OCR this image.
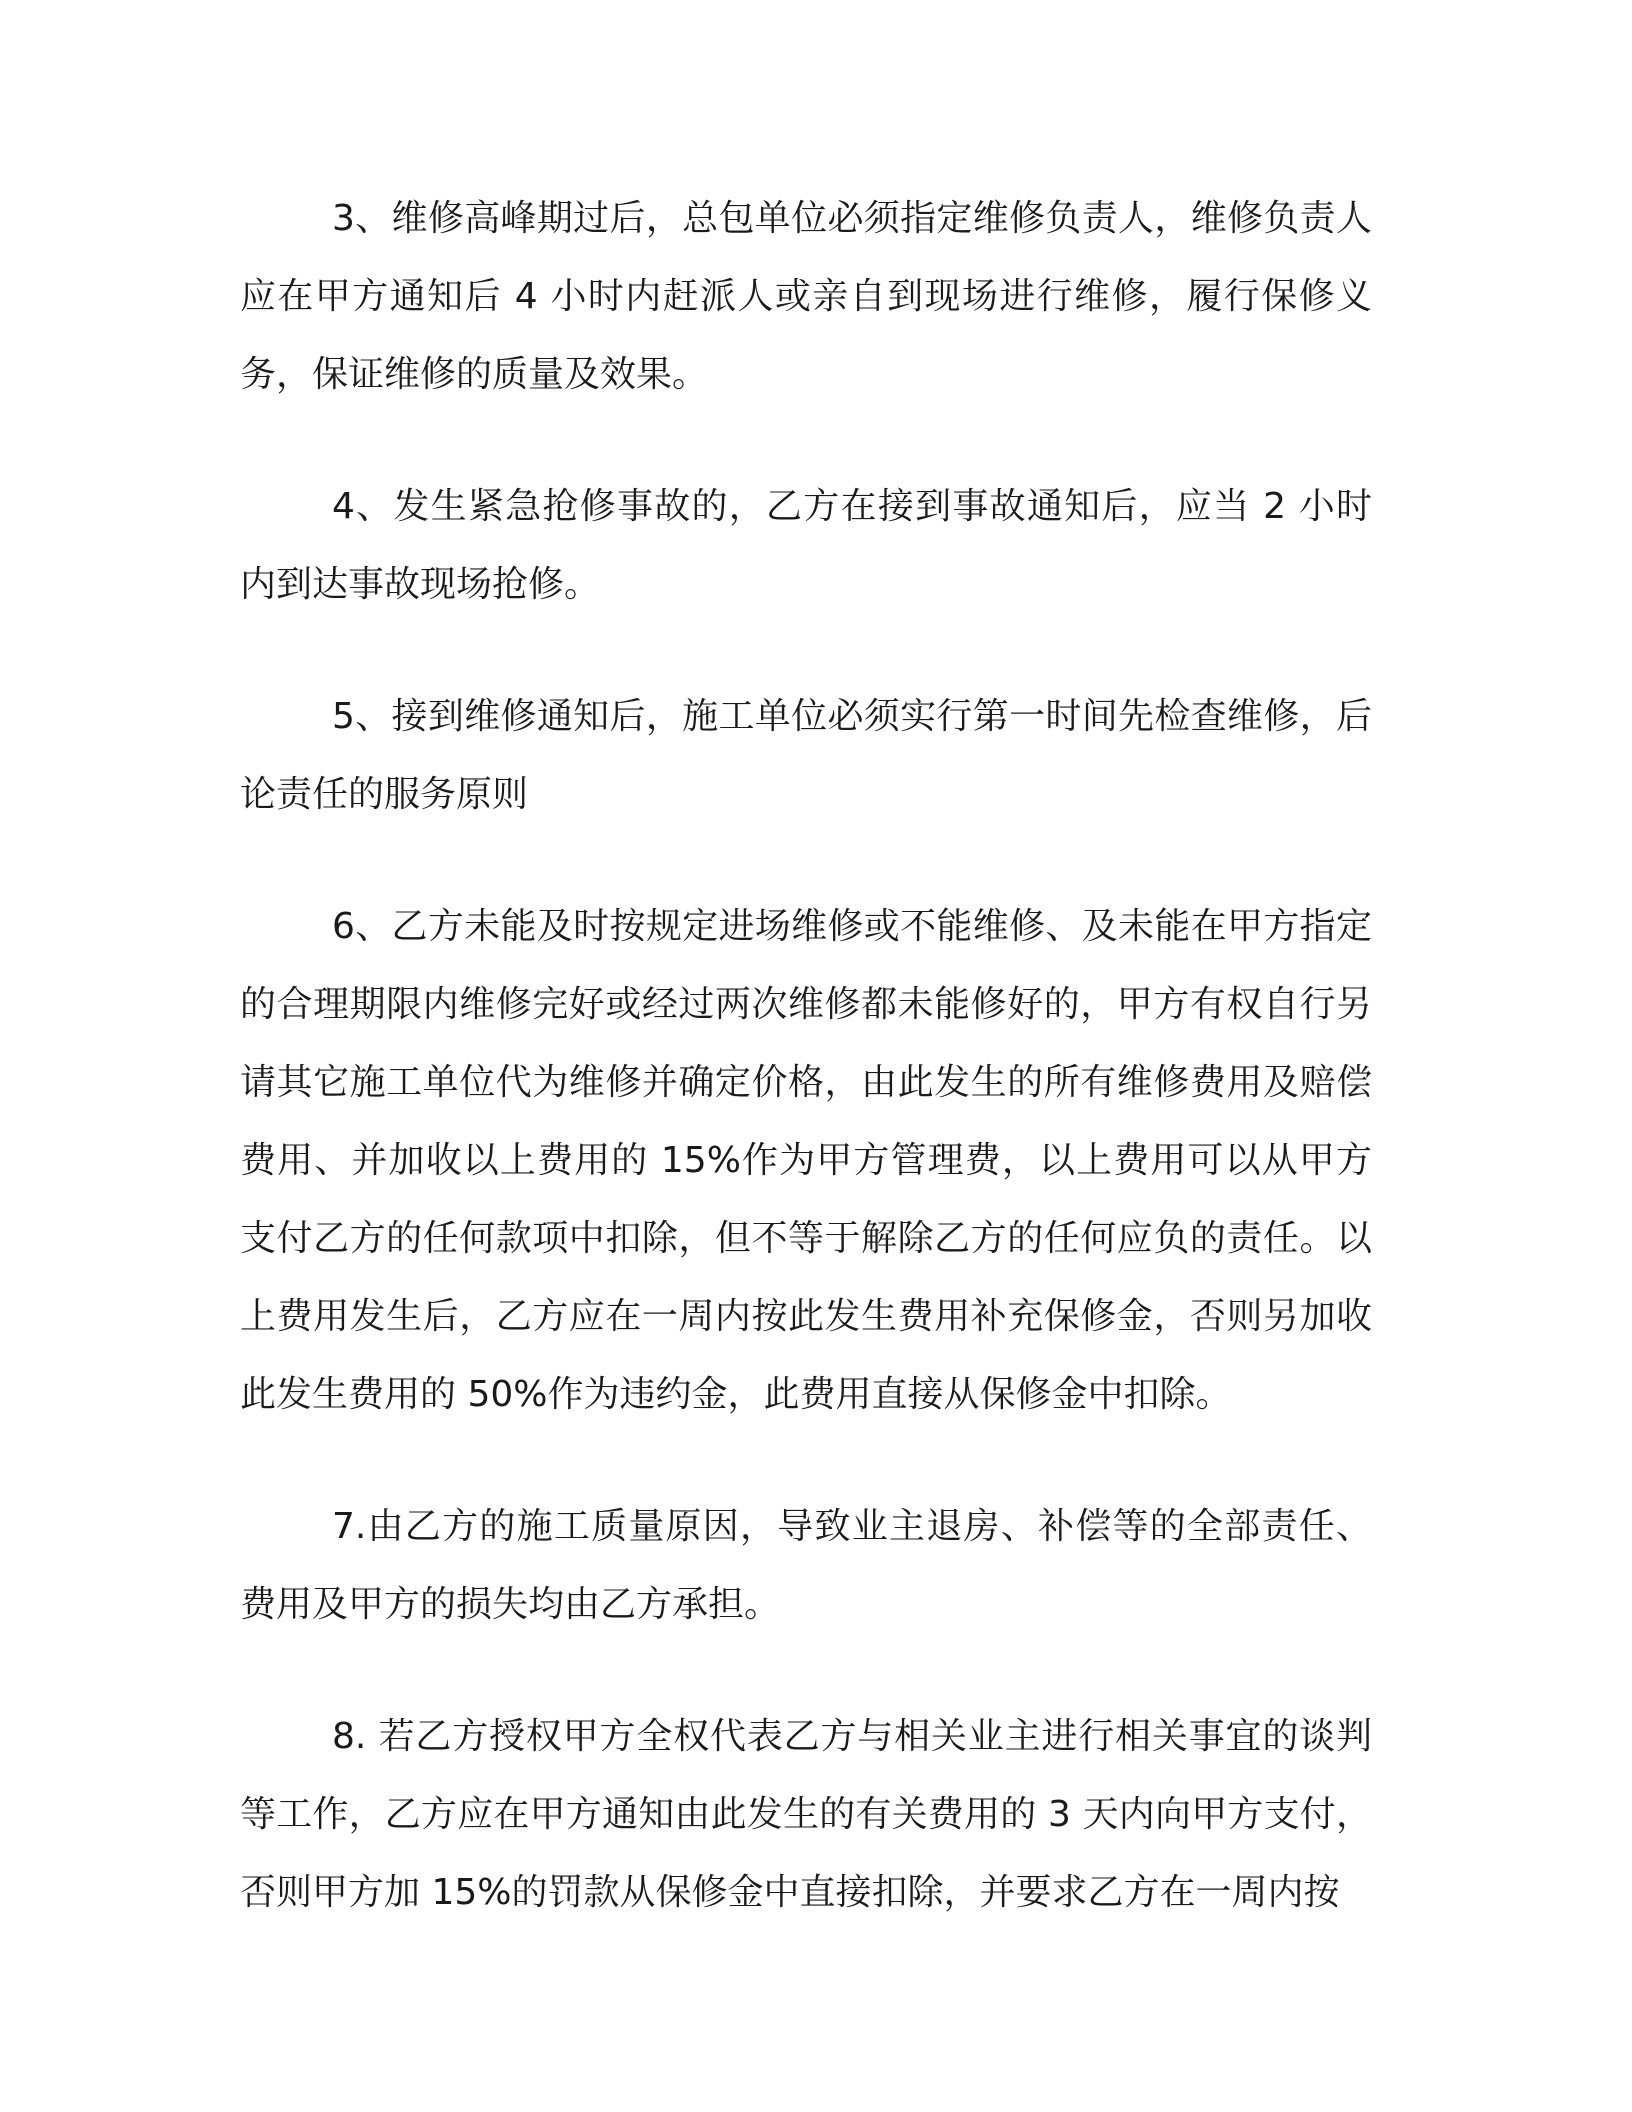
3、维修高峰期过后，总包单位必须指定维修负责人，维修负责人应在甲方通知后 4 小时内赶派人或亲自到现场进行维修，履行保修义务，保证维修的质量及效果。

4、发生紧急抢修事故的，乙方在接到事故通知后，应当 2 小时内到达事故现场抢修。

5、接到维修通知后，施工单位必须实行第一时间先检查维修，后论责任的服务原则

6、乙方未能及时按规定进场维修或不能维修、及未能在甲方指定的合理期限内维修完好或经过两次维修都未能修好的，甲方有权自行另请其它施工单位代为维修并确定价格，由此发生的所有维修费用及赔偿费用、并加收以上费用的 15%作为甲方管理费，以上费用可以从甲方支付乙方的任何款项中扣除，但不等于解除乙方的任何应负的责任。以上费用发生后，乙方应在一周内按此发生费用补充保修金，否则另加收此发生费用的 50%作为违约金，此费用直接从保修金中扣除。

7.由乙方的施工质量原因，导致业主退房、补偿等的全部责任、费用及甲方的损失均由乙方承担。

8. 若乙方授权甲方全权代表乙方与相关业主进行相关事宜的谈判等工作，乙方应在甲方通知由此发生的有关费用的 3 天内向甲方支付，否则甲方加 15%的罚款从保修金中直接扣除，并要求乙方在一周内按
